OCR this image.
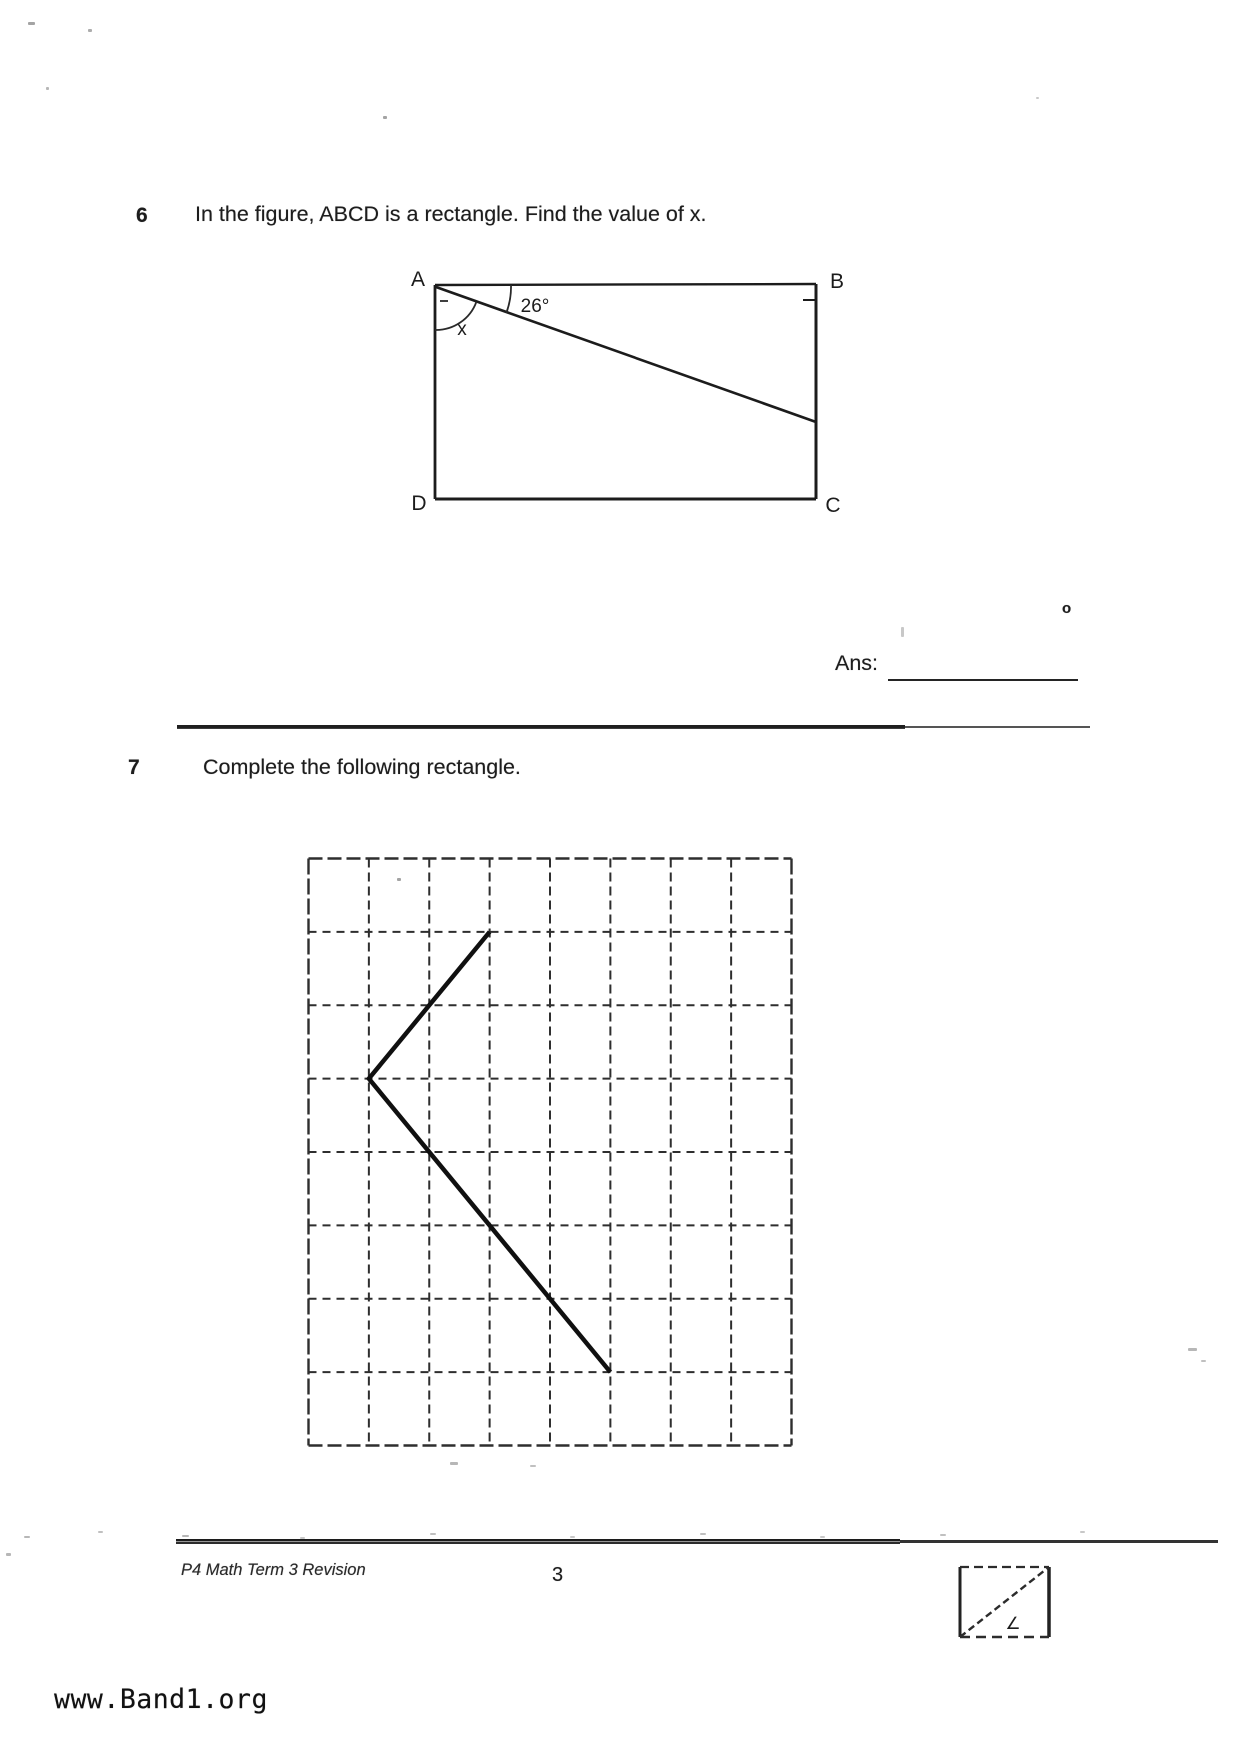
6 In the figure, ABCD is a rectangle. Find the value of x.
A	B
C
D
26°
x
o
Ans:
7	Complete the following rectangle.
P4 Math Term 3 Revision	3
∠
www.Band1.org
